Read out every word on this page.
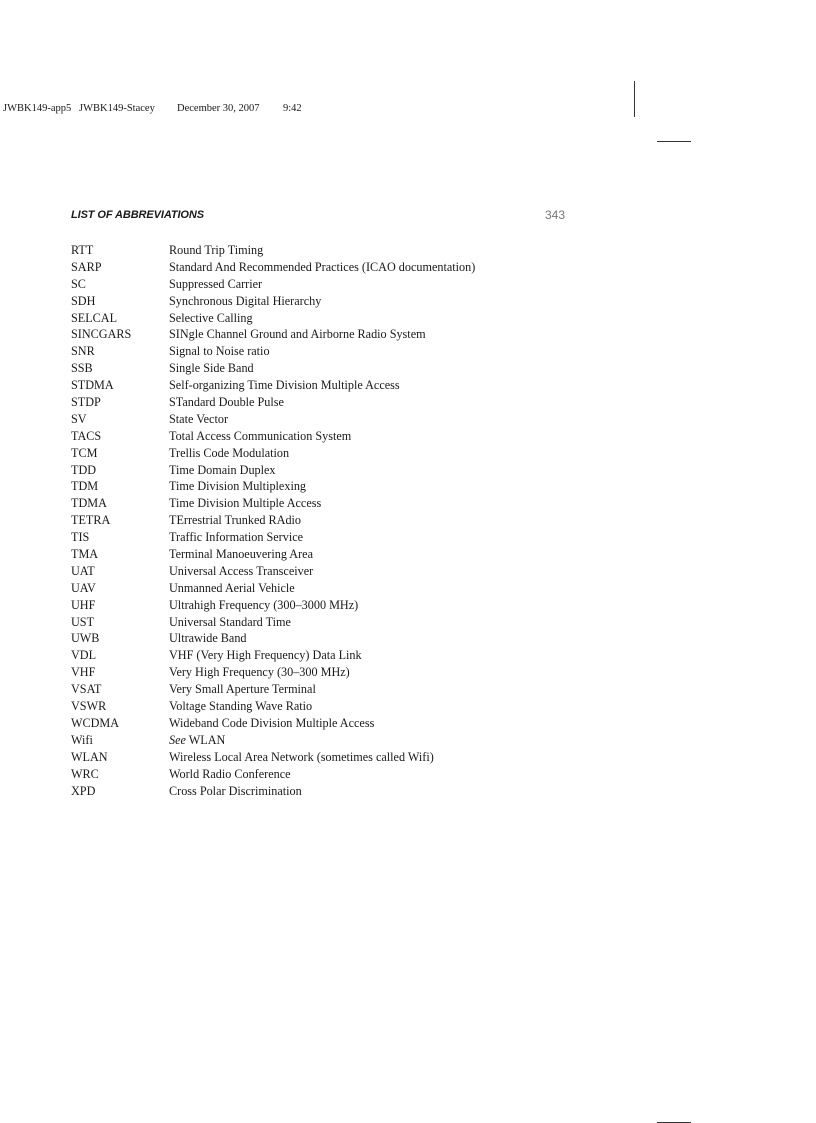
JWBK149-app5 JWBK149-Stacey December 30, 2007 9:42
LIST OF ABBREVIATIONS	343
RTT	Round Trip Timing
SARP	Standard And Recommended Practices (ICAO documentation)
SC	Suppressed Carrier
SDH	Synchronous Digital Hierarchy
SELCAL	Selective Calling
SINCGARS	SINgle Channel Ground and Airborne Radio System
SNR	Signal to Noise ratio
SSB	Single Side Band
STDMA	Self-organizing Time Division Multiple Access
STDP	STandard Double Pulse
SV	State Vector
TACS	Total Access Communication System
TCM	Trellis Code Modulation
TDD	Time Domain Duplex
TDM	Time Division Multiplexing
TDMA	Time Division Multiple Access
TETRA	TErrestrial Trunked RAdio
TIS	Traffic Information Service
TMA	Terminal Manoeuvering Area
UAT	Universal Access Transceiver
UAV	Unmanned Aerial Vehicle
UHF	Ultrahigh Frequency (300–3000 MHz)
UST	Universal Standard Time
UWB	Ultrawide Band
VDL	VHF (Very High Frequency) Data Link
VHF	Very High Frequency (30–300 MHz)
VSAT	Very Small Aperture Terminal
VSWR	Voltage Standing Wave Ratio
WCDMA	Wideband Code Division Multiple Access
Wifi	See WLAN
WLAN	Wireless Local Area Network (sometimes called Wifi)
WRC	World Radio Conference
XPD	Cross Polar Discrimination
